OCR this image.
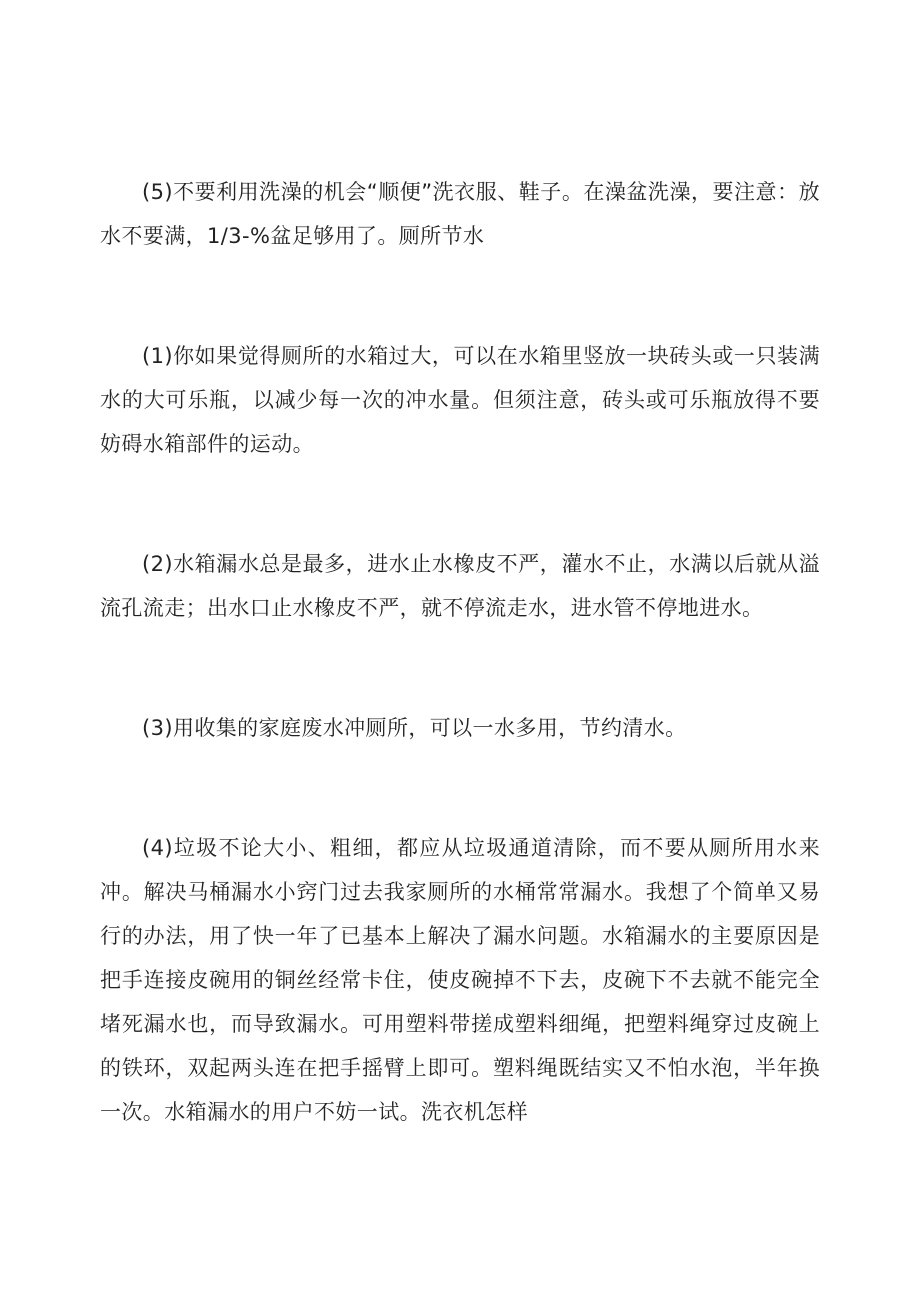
(5)不要利用洗澡的机会“顺便”洗衣服、鞋子。在澡盆洗澡，要注意：放水不要满，1/3-%盆足够用了。厕所节水

(1)你如果觉得厕所的水箱过大，可以在水箱里竖放一块砖头或一只装满水的大可乐瓶，以减少每一次的冲水量。但须注意，砖头或可乐瓶放得不要妨碍水箱部件的运动。

(2)水箱漏水总是最多，进水止水橡皮不严，灌水不止，水满以后就从溢流孔流走；出水口止水橡皮不严，就不停流走水，进水管不停地进水。

(3)用收集的家庭废水冲厕所，可以一水多用，节约清水。

(4)垃圾不论大小、粗细，都应从垃圾通道清除，而不要从厕所用水来冲。解决马桶漏水小窍门过去我家厕所的水桶常常漏水。我想了个简单又易行的办法，用了快一年了已基本上解决了漏水问题。水箱漏水的主要原因是把手连接皮碗用的铜丝经常卡住，使皮碗掉不下去，皮碗下不去就不能完全堵死漏水也，而导致漏水。可用塑料带搓成塑料细绳，把塑料绳穿过皮碗上的铁环，双起两头连在把手摇臂上即可。塑料绳既结实又不怕水泡，半年换一次。水箱漏水的用户不妨一试。洗衣机怎样
